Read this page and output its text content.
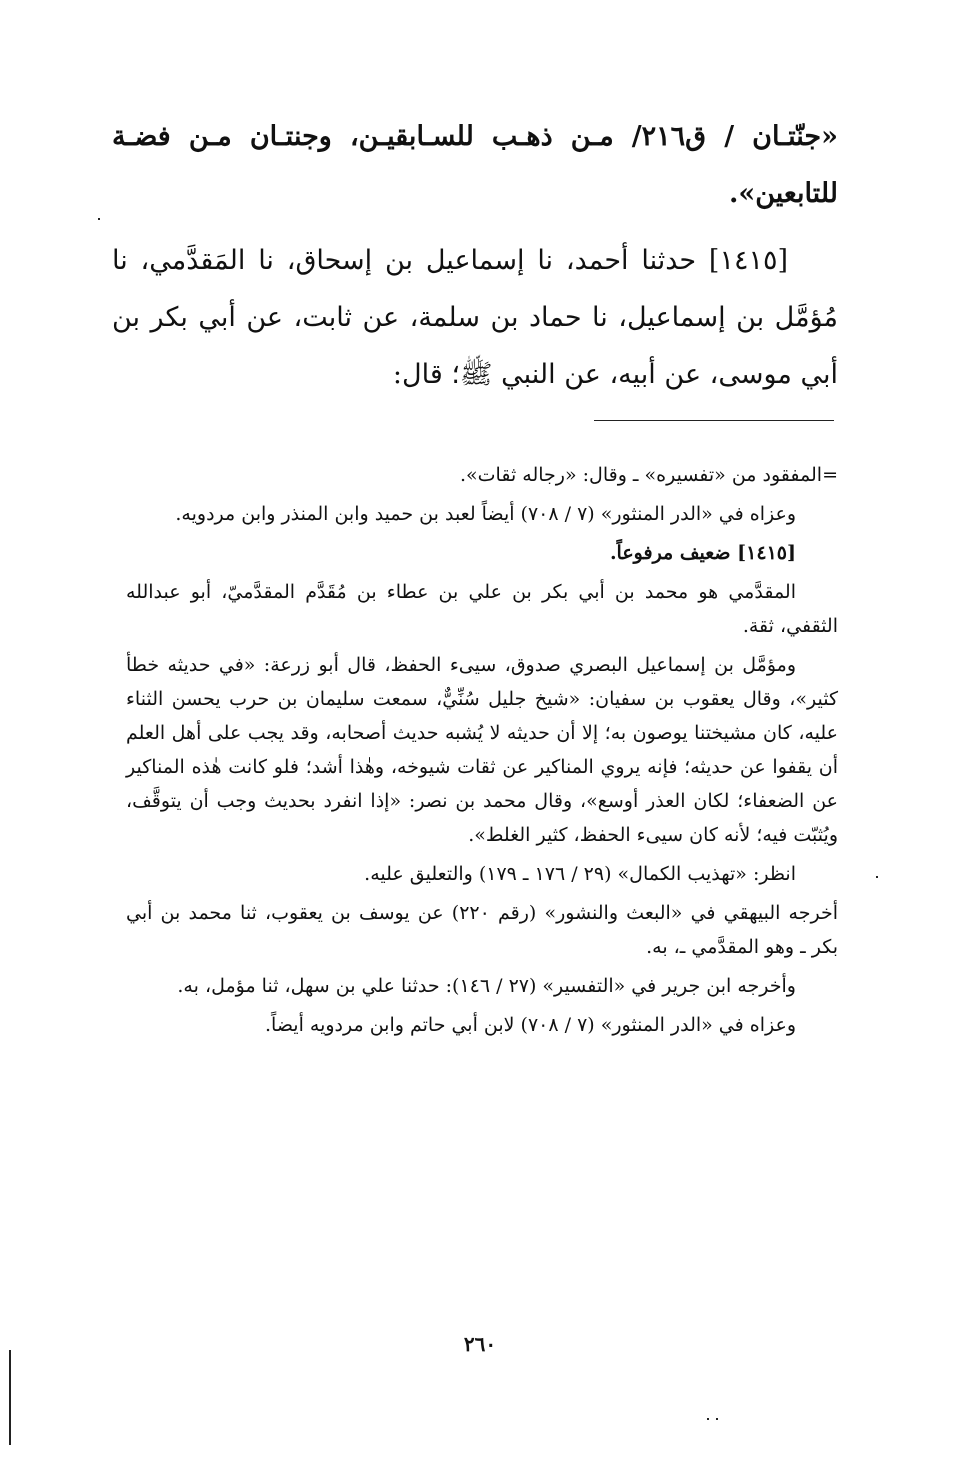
«جنّتـان / ق٢١٦/ مـن ذهـب للسـابقيـن، وجنتـان مـن فضـة للتابعين».

[١٤١٥] حدثنا أحمد، نا إسماعيل بن إسحاق، نا المَقدَّمي، نا مُؤمَّل بن إسماعيل، نا حماد بن سلمة، عن ثابت، عن أبي بكر بن أبي موسى، عن أبيه، عن النبي ﷺ؛ قال:

=المفقود من «تفسيره» ـ وقال: «رجاله ثقات».

وعزاه في «الدر المنثور» (٧ / ٧٠٨) أيضاً لعبد بن حميد وابن المنذر وابن مردويه.

[١٤١٥] ضعيف مرفوعاً.

المقدَّمي هو محمد بن أبي بكر بن علي بن عطاء بن مُقَدَّم المقدَّميّ، أبو عبدالله الثقفي، ثقة.

ومؤمَّل بن إسماعيل البصري صدوق، سيىء الحفظ، قال أبو زرعة: «في حديثه خطأ كثير»، وقال يعقوب بن سفيان: «شيخ جليل سُنِّيٌّ، سمعت سليمان بن حرب يحسن الثناء عليه، كان مشيختنا يوصون به؛ إلا أن حديثه لا يُشبه حديث أصحابه، وقد يجب على أهل العلم أن يقفوا عن حديثه؛ فإنه يروي المناكير عن ثقات شيوخه، وهٰذا أشد؛ فلو كانت هٰذه المناكير عن الضعفاء؛ لكان العذر أوسع»، وقال محمد بن نصر: «إذا انفرد بحديث وجب أن يتوقَّف، ويُثبّت فيه؛ لأنه كان سيىء الحفظ، كثير الغلط».

انظر: «تهذيب الكمال» (٢٩ / ١٧٦ ـ ١٧٩) والتعليق عليه.

أخرجه البيهقي في «البعث والنشور» (رقم ٢٢٠) عن يوسف بن يعقوب، ثنا محمد بن أبي بكر ـ وهو المقدَّمي ـ، به.

وأخرجه ابن جرير في «التفسير» (٢٧ / ١٤٦): حدثنا علي بن سهل، ثنا مؤمل، به.

وعزاه في «الدر المنثور» (٧ / ٧٠٨) لابن أبي حاتم وابن مردويه أيضاً.

٢٦٠
